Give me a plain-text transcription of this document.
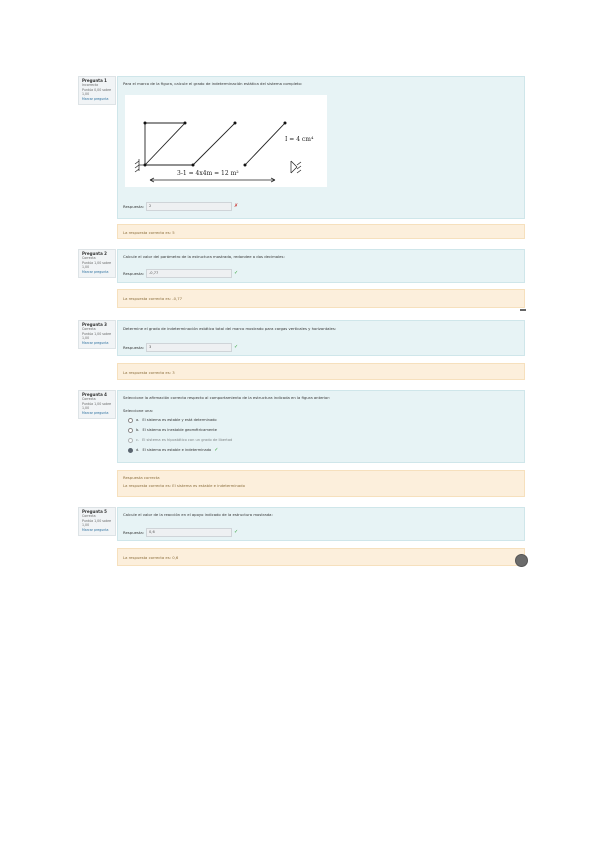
Pregunta 1
Incorrecta
Puntúa 0,00 sobre 1,00
Marcar pregunta
Para el marco de la figura, calcule el grado de indeterminación estática del sistema completo:
I = 4 cm⁴
3-1 = 4x4m = 12 m²
Respuesta:	2	✗
La respuesta correcta es: 5
Pregunta 2
Correcta
Puntúa 1,00 sobre 1,00
Marcar pregunta
Calcule el valor del parámetro de la estructura mostrada, redondee a dos decimales:
Respuesta:	-0,77	✓
La respuesta correcta es: -0,77
Pregunta 3
Correcta
Puntúa 1,00 sobre 1,00
Marcar pregunta
Determine el grado de indeterminación estática total del marco mostrado para cargas verticales y horizontales:
Respuesta:	3	✓
La respuesta correcta es: 3
Pregunta 4
Correcta
Puntúa 1,00 sobre 1,00
Marcar pregunta
Seleccione la afirmación correcta respecto al comportamiento de la estructura indicada en la figura anterior:
Seleccione una:
a. El sistema es estable y está determinado
b. El sistema es inestable geométricamente
c. El sistema es hipostático con un grado de libertad
d. El sistema es estable e indeterminado ✓
Respuesta correcta
La respuesta correcta es: El sistema es estable e indeterminado
Pregunta 5
Correcta
Puntúa 1,00 sobre 1,00
Marcar pregunta
Calcule el valor de la reacción en el apoyo indicado de la estructura mostrada:
Respuesta:	0,6	✓
La respuesta correcta es: 0,6
